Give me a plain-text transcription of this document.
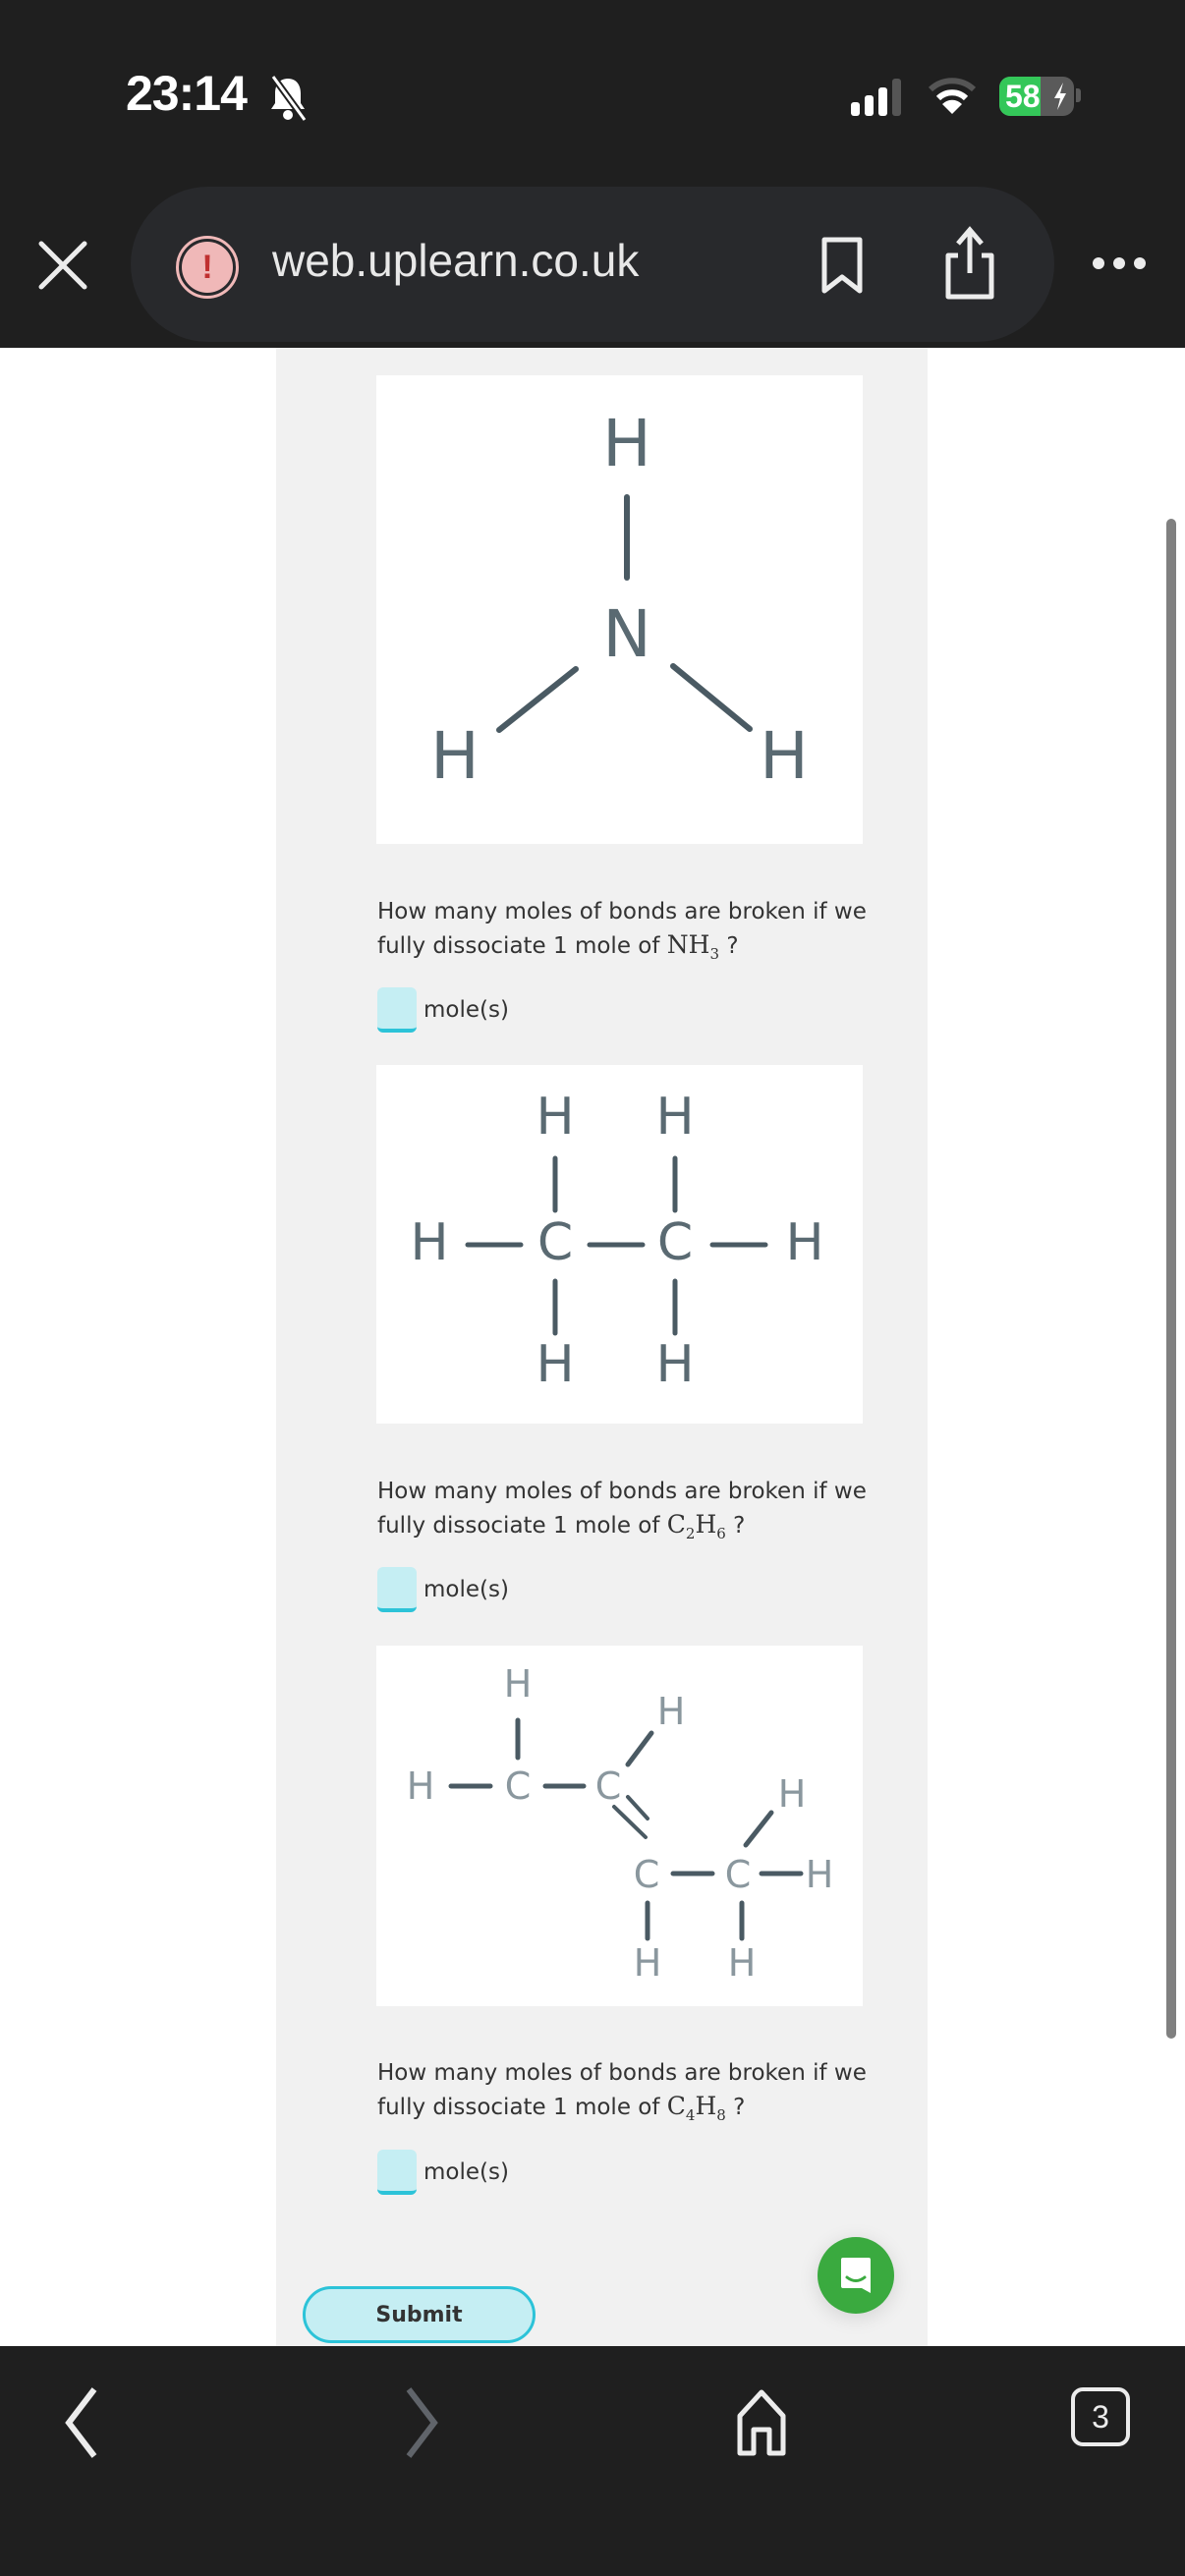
23:14	58
!	web.uplearn.co.uk
H
N
H	H
How many moles of bonds are broken if we fully dissociate 1 mole of $NH_3$ ?
mole(s)
H H
H C C H
H H
How many moles of bonds are broken if we fully dissociate 1 mole of $C_2H_6$ ?
mole(s)
H
H C C
H
C C
H
H
H H
How many moles of bonds are broken if we fully dissociate 1 mole of $C_4H_8$ ?
mole(s)
Submit
3
